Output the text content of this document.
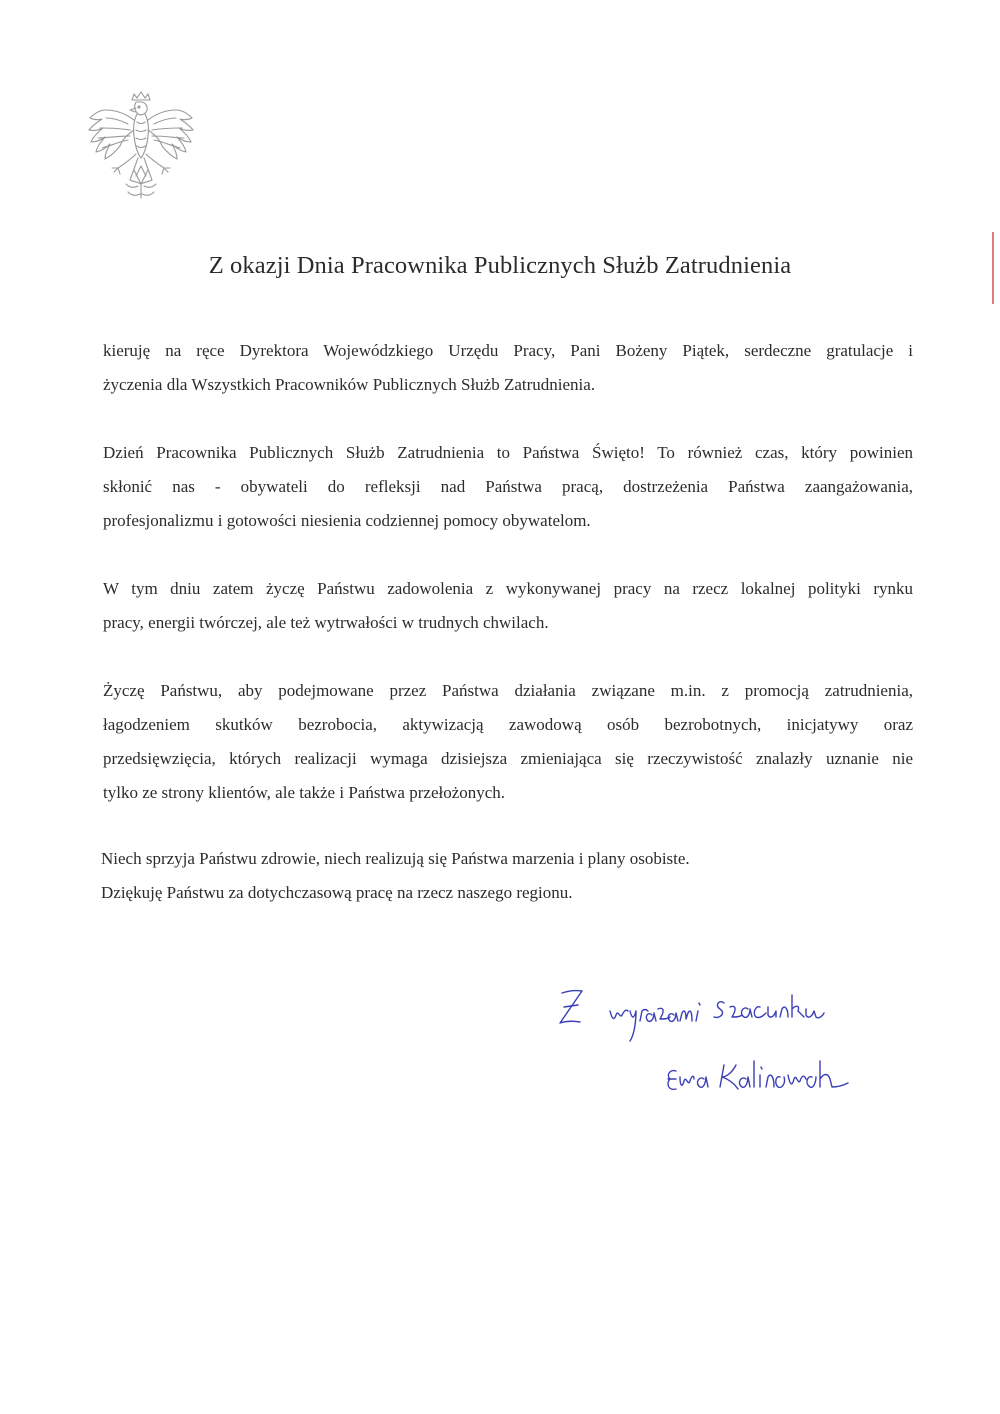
Z okazji Dnia Pracownika Publicznych Służb Zatrudnienia
kieruję na ręce Dyrektora Wojewódzkiego Urzędu Pracy, Pani Bożeny Piątek, serdeczne gratulacje i
życzenia dla Wszystkich Pracowników Publicznych Służb Zatrudnienia.
Dzień Pracownika Publicznych Służb Zatrudnienia to Państwa Święto! To również czas, który powinien
skłonić nas - obywateli do refleksji nad Państwa pracą, dostrzeżenia Państwa zaangażowania,
profesjonalizmu i gotowości niesienia codziennej pomocy obywatelom.
W tym dniu zatem życzę Państwu zadowolenia z wykonywanej pracy na rzecz lokalnej polityki rynku
pracy, energii twórczej, ale też wytrwałości w trudnych chwilach.
Życzę Państwu, aby podejmowane przez Państwa działania związane m.in. z promocją zatrudnienia,
łagodzeniem skutków bezrobocia, aktywizacją zawodową osób bezrobotnych, inicjatywy oraz
przedsięwzięcia, których realizacji wymaga dzisiejsza zmieniająca się rzeczywistość znalazły uznanie nie
tylko ze strony klientów, ale także i Państwa przełożonych.
Niech sprzyja Państwu zdrowie, niech realizują się Państwa marzenia i plany osobiste.
Dziękuję Państwu za dotychczasową pracę na rzecz naszego regionu.
